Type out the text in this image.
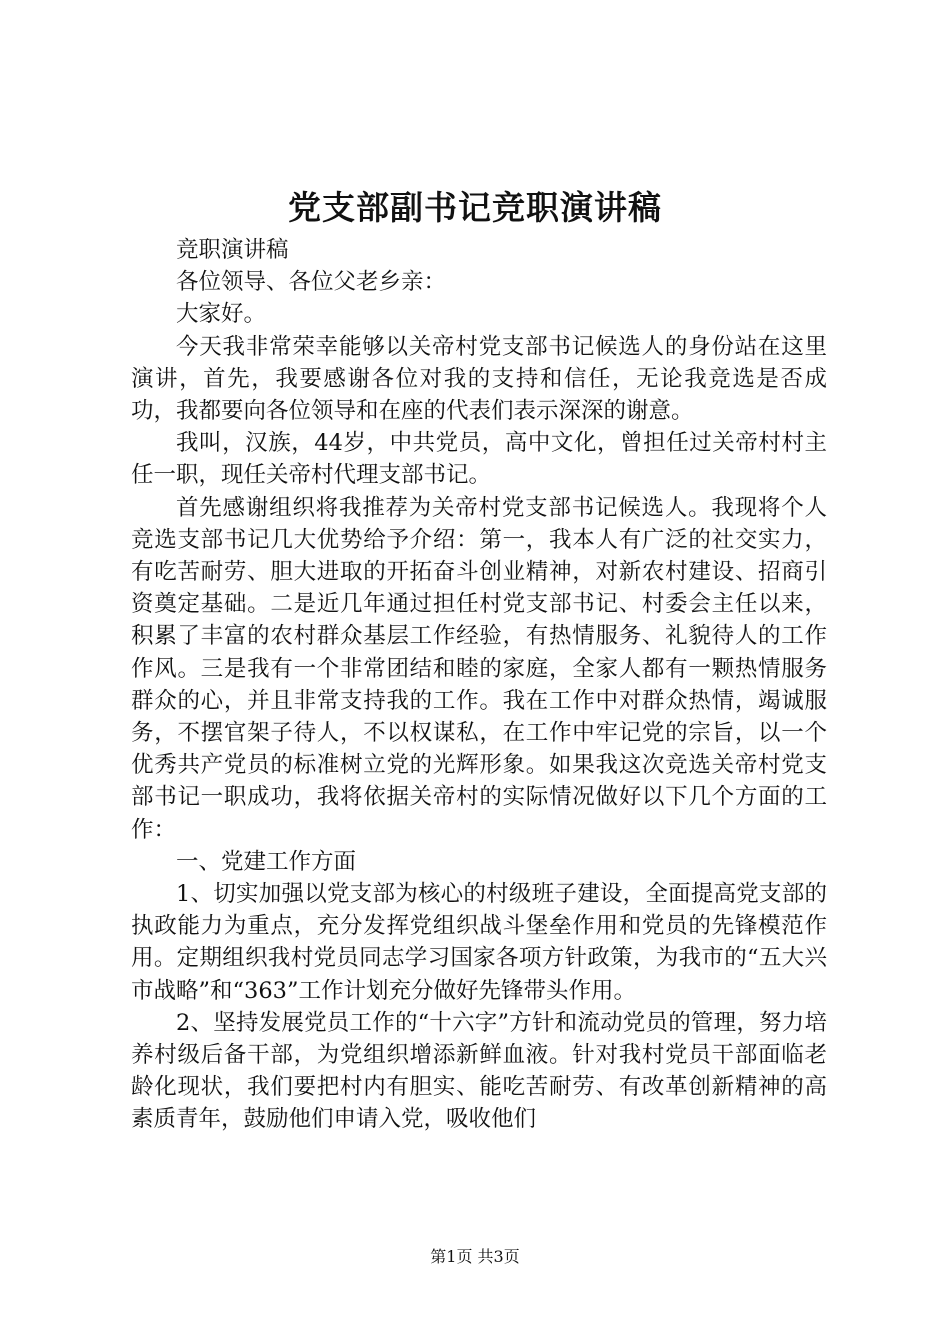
党支部副书记竞职演讲稿

竞职演讲稿

各位领导、各位父老乡亲：

大家好。

今天我非常荣幸能够以关帝村党支部书记候选人的身份站在这里演讲，首先，我要感谢各位对我的支持和信任，无论我竞选是否成功，我都要向各位领导和在座的代表们表示深深的谢意。

我叫，汉族，44岁，中共党员，高中文化，曾担任过关帝村村主任一职，现任关帝村代理支部书记。

首先感谢组织将我推荐为关帝村党支部书记候选人。我现将个人竞选支部书记几大优势给予介绍：第一，我本人有广泛的社交实力，有吃苦耐劳、胆大进取的开拓奋斗创业精神，对新农村建设、招商引资奠定基础。二是近几年通过担任村党支部书记、村委会主任以来，积累了丰富的农村群众基层工作经验，有热情服务、礼貌待人的工作作风。三是我有一个非常团结和睦的家庭，全家人都有一颗热情服务群众的心，并且非常支持我的工作。我在工作中对群众热情，竭诚服务，不摆官架子待人，不以权谋私，在工作中牢记党的宗旨，以一个优秀共产党员的标准树立党的光辉形象。如果我这次竞选关帝村党支部书记一职成功，我将依据关帝村的实际情况做好以下几个方面的工作：

一、党建工作方面

1、切实加强以党支部为核心的村级班子建设，全面提高党支部的执政能力为重点，充分发挥党组织战斗堡垒作用和党员的先锋模范作用。定期组织我村党员同志学习国家各项方针政策，为我市的“五大兴市战略”和“363”工作计划充分做好先锋带头作用。

2、坚持发展党员工作的“十六字”方针和流动党员的管理，努力培养村级后备干部，为党组织增添新鲜血液。针对我村党员干部面临老龄化现状，我们要把村内有胆实、能吃苦耐劳、有改革创新精神的高素质青年，鼓励他们申请入党，吸收他们

第1页 共3页
